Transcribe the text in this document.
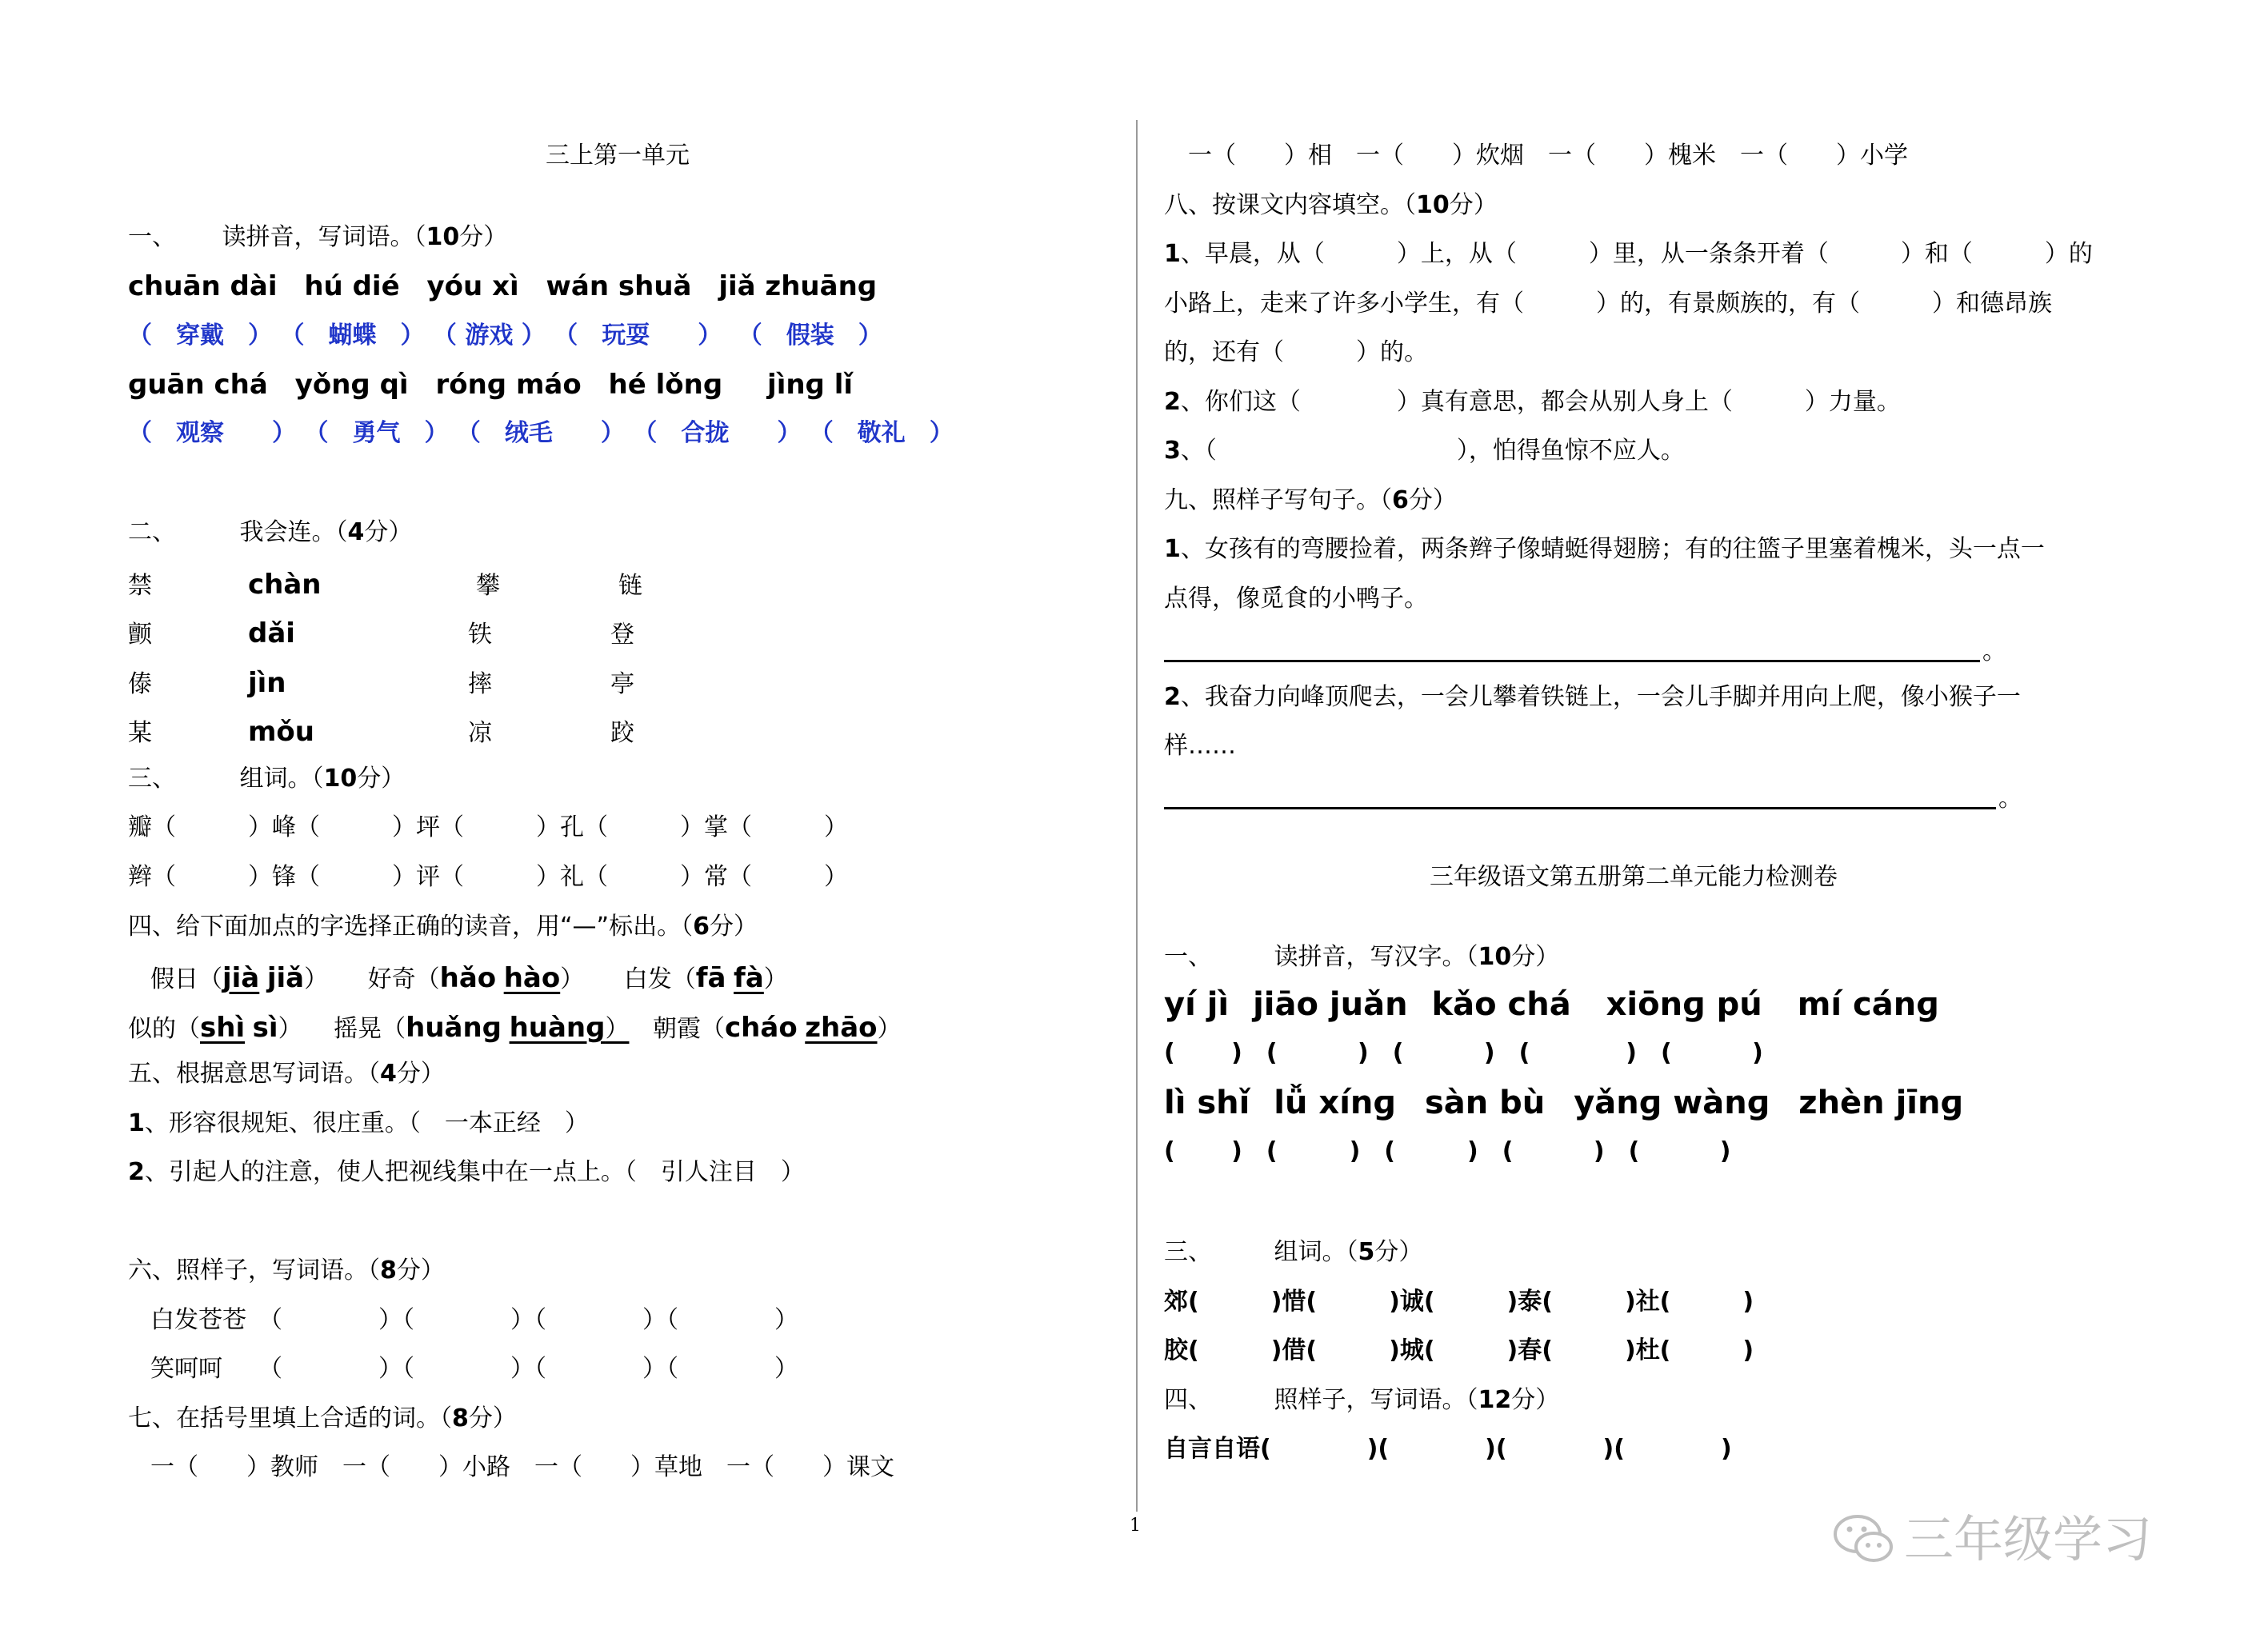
三上第一单元
一、 读拼音，写词语。（10分）
chuān dài hú dié yóu xì wán shuǎ jiǎ zhuānɡ
（　穿戴　） （　蝴蝶　） （ 游戏 ） （　玩耍　　） （　假装　）
ɡuān chá yǒnɡ qì rónɡ máo hé lǒnɡ jìnɡ lǐ
（　观察　　） （　勇气　） （　绒毛　　） （　合拢　　） （　敬礼　）
二、	我会连。（4分）
禁	chàn	攀	链
颤	dǎi	铁	登
傣	jìn	摔	亭
某	mǒu	凉	跤
三、	组词。（10分）
瓣（　　　）峰（　　　）坪（　　　）孔（　　　）掌（　　　）
辫（　　　）锋（　　　）评（　　　）礼（　　　）常（　　　）
四、给下面加点的字选择正确的读音，用“—”标出。（6分）
假日（jià jiǎ） 好奇（hǎo hào） 白发（fā fà）
似的（shì sì） 摇晃（huǎnɡ huànɡ） 朝霞（cháo zhāo）
五、根据意思写词语。（4分）
1、形容很规矩、很庄重。（　一本正经　）
2、引起人的注意，使人把视线集中在一点上。（　引人注目　）
六、照样子，写词语。（8分）
白发苍苍　（　　　　）（　　　　）（　　　　）（　　　　）
笑呵呵　　（　　　　）（　　　　）（　　　　）（　　　　）
七、在括号里填上合适的词。（8分）
一（　　）教师　一（　　）小路　一（　　）草地　一（　　）课文
1
一（　　）相　一（　　）炊烟　一（　　）槐米　一（　　）小学
八、按课文内容填空。（10分）
1、早晨，从（　　　）上，从（　　　）里，从一条条开着（　　　）和（　　　）的
小路上，走来了许多小学生，有（　　　）的，有景颇族的，有（　　　）和德昂族
的，还有（　　　）的。
2、你们这（　　　　）真有意思，都会从别人身上（　　　）力量。
3、（　　　　　　　　　　），怕得鱼惊不应人。
九、照样子写句子。（6分）
1、女孩有的弯腰捡着，两条辫子像蜻蜓得翅膀；有的往篮子里塞着槐米，头一点一
点得，像觅食的小鸭子。
。
2、我奋力向峰顶爬去，一会儿攀着铁链上，一会儿手脚并用向上爬，像小猴子一
样……
。
三年级语文第五册第二单元能力检测卷
一、	读拼音，写汉字。（10分）
yí jì jiāo juǎn kǎo chá xiōnɡ pú mí cánɡ
(　　 )　(　　　 )　(　　　 )　(　　　　)　(　　　 )
lì shǐ lǚ xínɡ sàn bù yǎnɡ wànɡ zhèn jīnɡ
(　　 )　(　　　)　(　　　)　(　　　 )　(　　　 )
三、	组词。（5分）
郊(　　　)惜(　　　)诚(　　　)泰(　　　)社(　　　)
胶(　　　)借(　　　)城(　　　)春(　　　)杜(　　　)
四、	照样子，写词语。（12分）
自言自语(　　　　)(　　　　)(　　　　)(　　　　)
三年级学习
